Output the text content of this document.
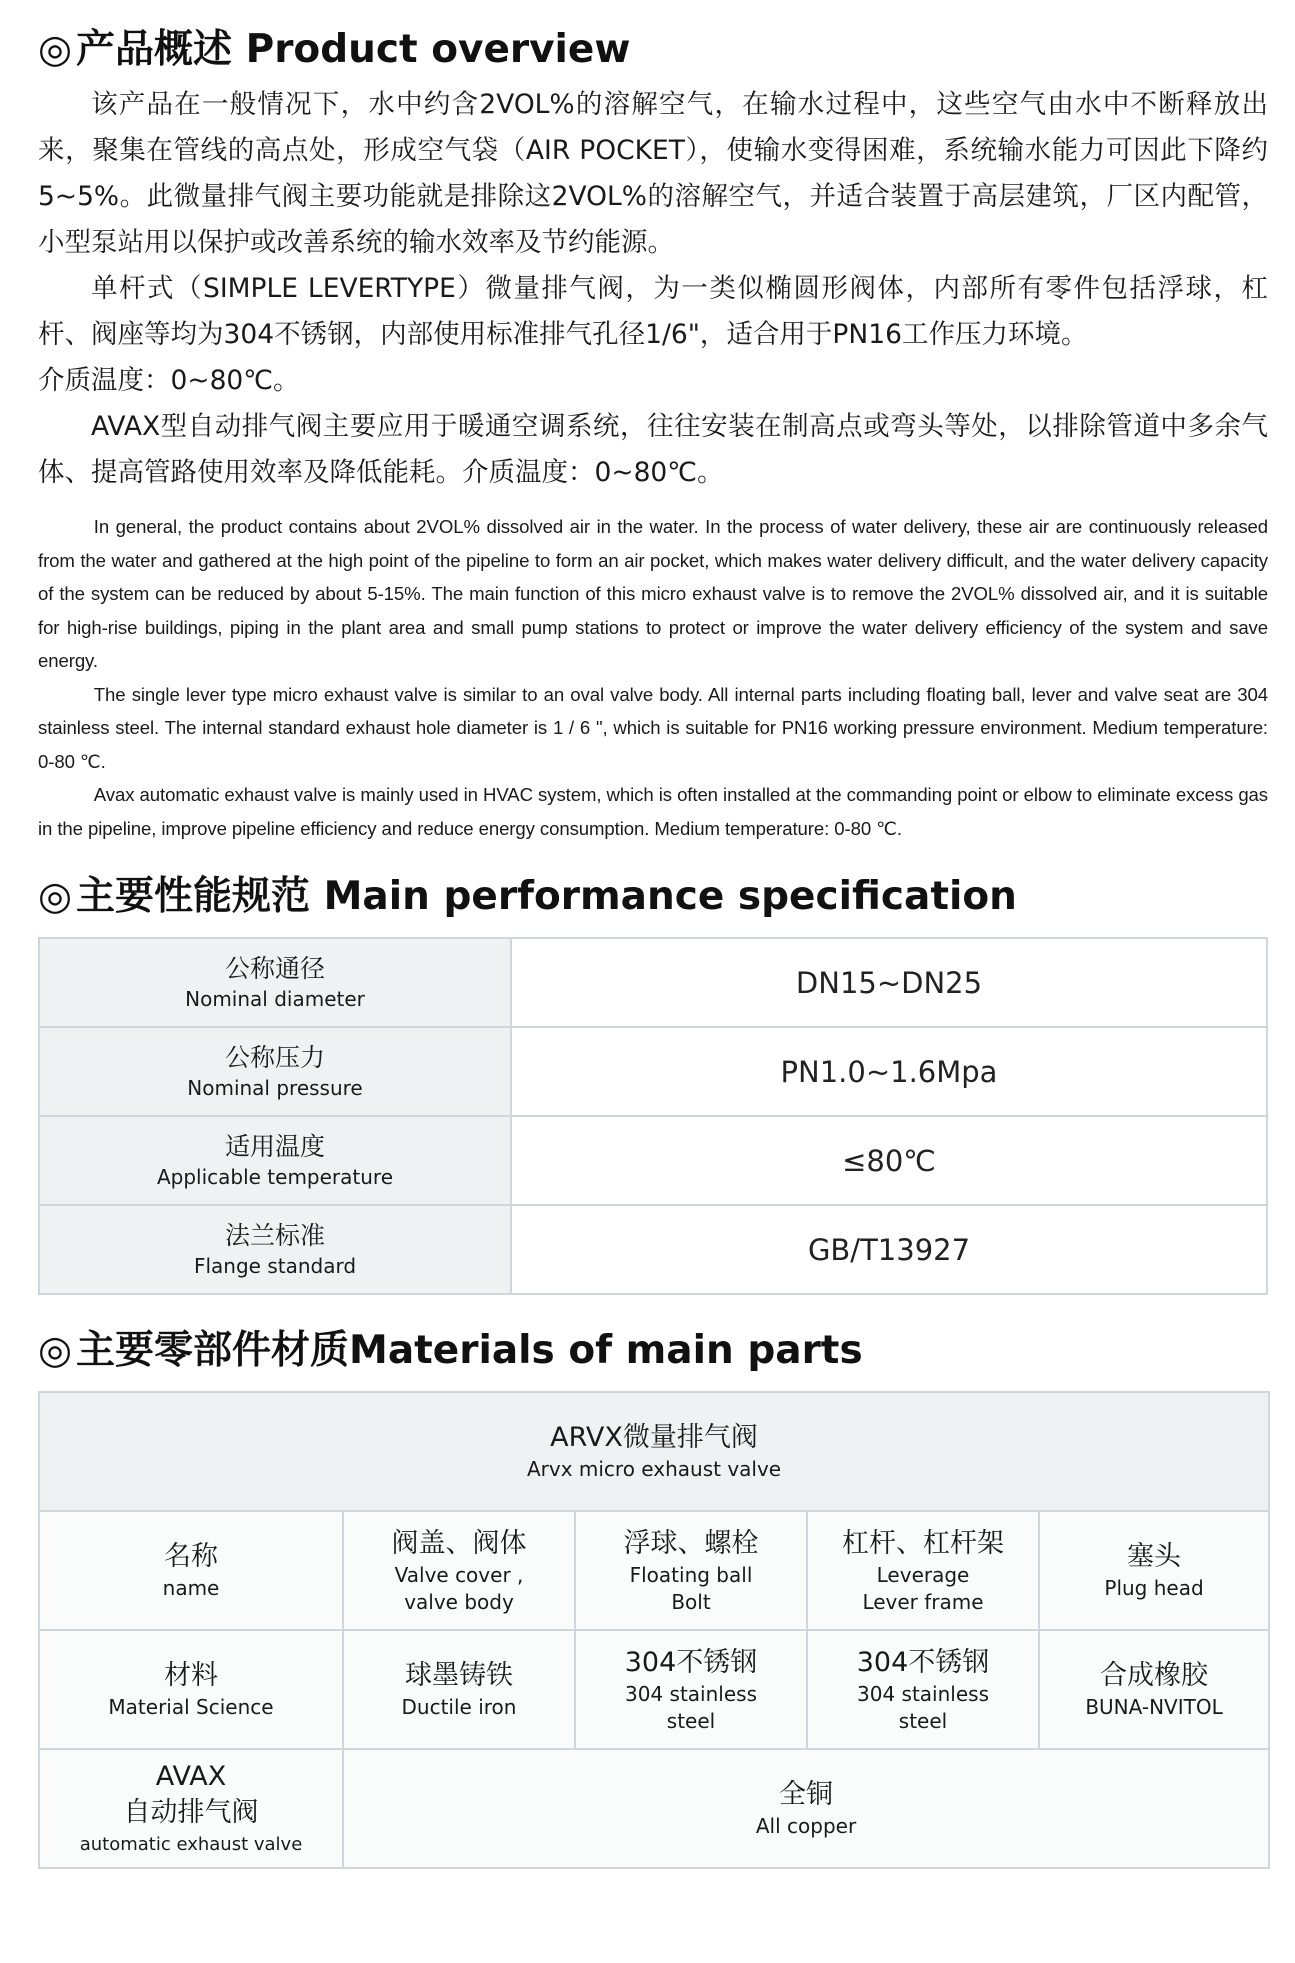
◎ 产品概述 Product overview

该产品在一般情况下，水中约含2VOL%的溶解空气，在输水过程中，这些空气由水中不断释放出来，聚集在管线的高点处，形成空气袋（AIR POCKET），使输水变得困难，系统输水能力可因此下降约5~5%。此微量排气阀主要功能就是排除这2VOL%的溶解空气，并适合装置于高层建筑，厂区内配管，小型泵站用以保护或改善系统的输水效率及节约能源。

单杆式（SIMPLE LEVERTYPE）微量排气阀，为一类似椭圆形阀体，内部所有零件包括浮球，杠杆、阀座等均为304不锈钢，内部使用标准排气孔径1/6"，适合用于PN16工作压力环境。

介质温度：0~80℃。

AVAX型自动排气阀主要应用于暖通空调系统，往往安装在制高点或弯头等处，以排除管道中多余气体、提高管路使用效率及降低能耗。介质温度：0~80℃。

In general, the product contains about 2VOL% dissolved air in the water. In the process of water delivery, these air are continuously released from the water and gathered at the high point of the pipeline to form an air pocket, which makes water delivery difficult, and the water delivery capacity of the system can be reduced by about 5-15%. The main function of this micro exhaust valve is to remove the 2VOL% dissolved air, and it is suitable for high-rise buildings, piping in the plant area and small pump stations to protect or improve the water delivery efficiency of the system and save energy.

The single lever type micro exhaust valve is similar to an oval valve body. All internal parts including floating ball, lever and valve seat are 304 stainless steel. The internal standard exhaust hole diameter is 1 / 6 ", which is suitable for PN16 working pressure environment. Medium temperature: 0-80 ℃.

Avax automatic exhaust valve is mainly used in HVAC system, which is often installed at the commanding point or elbow to eliminate excess gas in the pipeline, improve pipeline efficiency and reduce energy consumption. Medium temperature: 0-80 ℃.

◎ 主要性能规范 Main performance specification
公称通径
Nominal diameter	DN15~DN25

公称压力
Nominal pressure	PN1.0~1.6Mpa

适用温度
Applicable temperature	≤80℃

法兰标准
Flange standard	GB/T13927
◎ 主要零部件材质Materials of main parts
ARVX微量排气阀
Arvx micro exhaust valve				

名称
name	阀盖、阀体
Valve cover ,
valve body	浮球、螺栓
Floating ball
Bolt	杠杆、杠杆架
Leverage
Lever frame	塞头
Plug head

材料
Material Science	球墨铸铁
Ductile iron	304不锈钢
304 stainless
steel	304不锈钢
304 stainless
steel	合成橡胶
BUNA-NVITOL

AVAX
自动排气阀
automatic exhaust valve	全铜
All copper			
